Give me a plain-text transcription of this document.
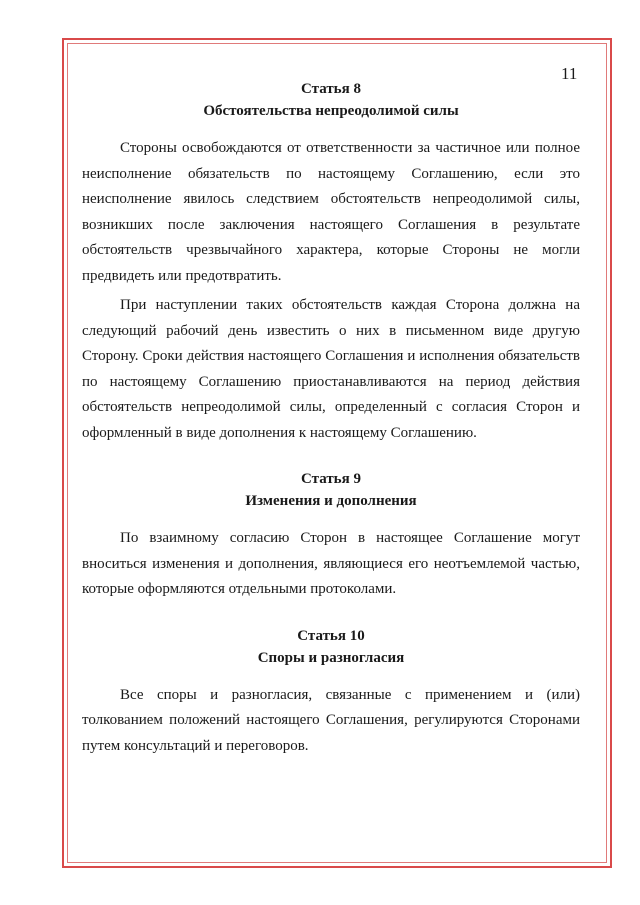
11

Статья 8

Обстоятельства непреодолимой силы

Стороны освобождаются от ответственности за частичное или полное неисполнение обязательств по настоящему Соглашению, если это неисполнение явилось следствием обстоятельств непреодолимой силы, возникших после заключения настоящего Соглашения в результате обстоятельств чрезвычайного характера, которые Стороны не могли предвидеть или предотвратить.

При наступлении таких обстоятельств каждая Сторона должна на следующий рабочий день известить о них в письменном виде другую Сторону. Сроки действия настоящего Соглашения и исполнения обязательств по настоящему Соглашению приостанавливаются на период действия обстоятельств непреодолимой силы, определенный с согласия Сторон и оформленный в виде дополнения к настоящему Соглашению.

Статья 9

Изменения и дополнения

По взаимному согласию Сторон в настоящее Соглашение могут вноситься изменения и дополнения, являющиеся его неотъемлемой частью, которые оформляются отдельными протоколами.

Статья 10

Споры и разногласия

Все споры и разногласия, связанные с применением и (или) толкованием положений настоящего Соглашения, регулируются Сторонами путем консультаций и переговоров.
